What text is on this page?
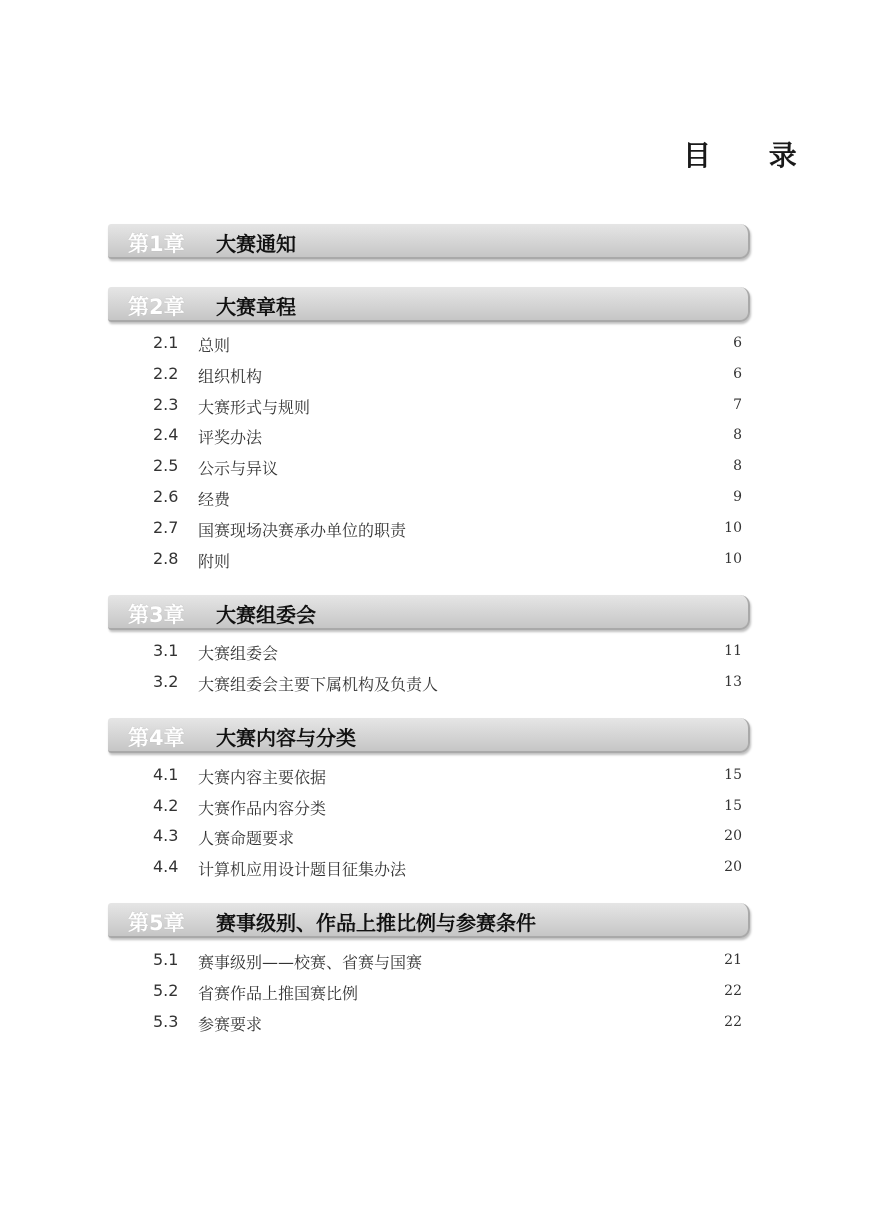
目 录
第1章 大赛通知
第2章 大赛章程
2.1 总则	6
2.2 组织机构	6
2.3 大赛形式与规则	7
2.4 评奖办法	8
2.5 公示与异议	8
2.6 经费	9
2.7 国赛现场决赛承办单位的职责	10
2.8 附则	10
第3章 大赛组委会
3.1 大赛组委会	11
3.2 大赛组委会主要下属机构及负责人	13
第4章 大赛内容与分类
4.1 大赛内容主要依据	15
4.2 大赛作品内容分类	15
4.3 人赛命题要求	20
4.4 计算机应用设计题目征集办法	20
第5章 赛事级别、作品上推比例与参赛条件
5.1 赛事级别——校赛、省赛与国赛	21
5.2 省赛作品上推国赛比例	22
5.3 参赛要求	22
